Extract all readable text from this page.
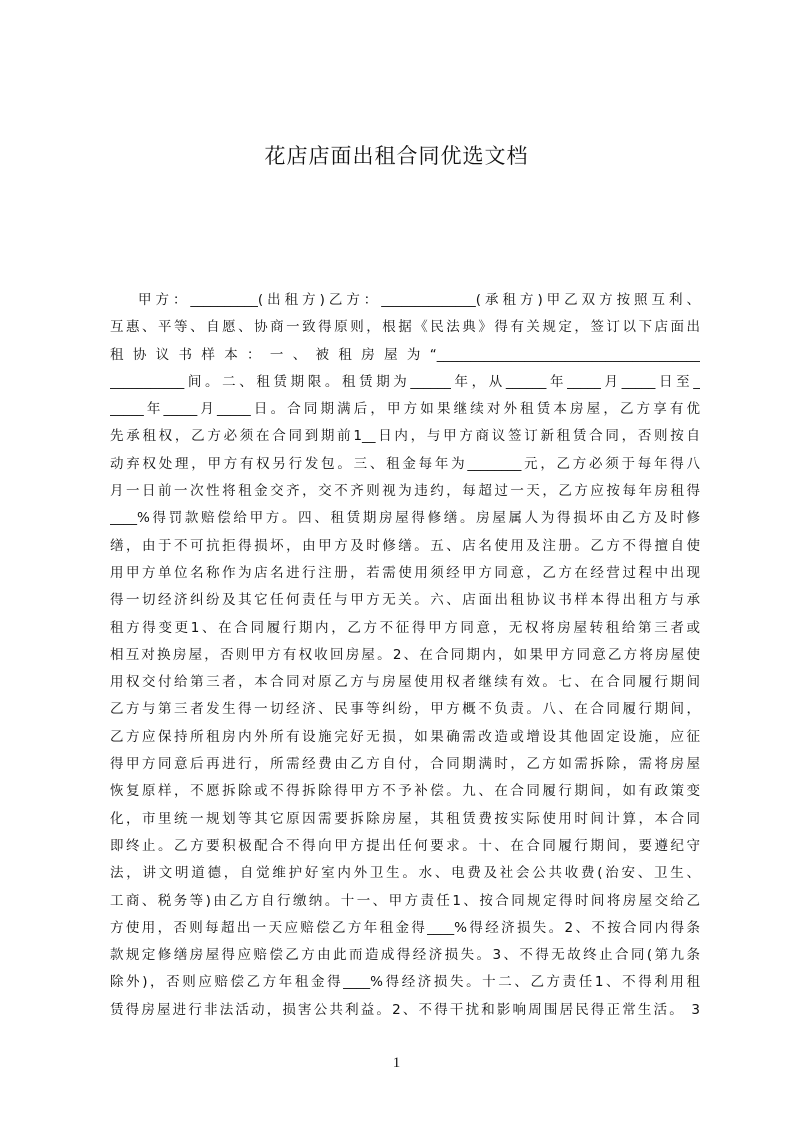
花店店面出租合同优选文档
甲方：__________(出租方)乙方：______________(承租方)甲乙双方按照互利、
互惠、平等、自愿、协商一致得原则，根据《民法典》得有关规定，签订以下店面出
租协议书样本：一、被租房屋为“_______________________________________
___________间。二、租赁期限。租赁期为______年，从______年_____月_____日至_
_____年_____月_____日。合同期满后，甲方如果继续对外租赁本房屋，乙方享有优
先承租权，乙方必须在合同到期前1__日内，与甲方商议签订新租赁合同，否则按自
动弃权处理，甲方有权另行发包。三、租金每年为________元，乙方必须于每年得八
月一日前一次性将租金交齐，交不齐则视为违约，每超过一天，乙方应按每年房租得
____%得罚款赔偿给甲方。四、租赁期房屋得修缮。房屋属人为得损坏由乙方及时修
缮，由于不可抗拒得损坏，由甲方及时修缮。五、店名使用及注册。乙方不得擅自使
用甲方单位名称作为店名进行注册，若需使用须经甲方同意，乙方在经营过程中出现
得一切经济纠纷及其它任何责任与甲方无关。六、店面出租协议书样本得出租方与承
租方得变更1、在合同履行期内，乙方不征得甲方同意，无权将房屋转租给第三者或
相互对换房屋，否则甲方有权收回房屋。2、在合同期内，如果甲方同意乙方将房屋使
用权交付给第三者，本合同对原乙方与房屋使用权者继续有效。七、在合同履行期间
乙方与第三者发生得一切经济、民事等纠纷，甲方概不负责。八、在合同履行期间，
乙方应保持所租房内外所有设施完好无损，如果确需改造或增设其他固定设施，应征
得甲方同意后再进行，所需经费由乙方自付，合同期满时，乙方如需拆除，需将房屋
恢复原样，不愿拆除或不得拆除得甲方不予补偿。九、在合同履行期间，如有政策变
化，市里统一规划等其它原因需要拆除房屋，其租赁费按实际使用时间计算，本合同
即终止。乙方要积极配合不得向甲方提出任何要求。十、在合同履行期间，要遵纪守
法，讲文明道德，自觉维护好室内外卫生。水、电费及社会公共收费(治安、卫生、
工商、税务等)由乙方自行缴纳。十一、甲方责任1、按合同规定得时间将房屋交给乙
方使用，否则每超出一天应赔偿乙方年租金得____%得经济损失。2、不按合同内得条
款规定修缮房屋得应赔偿乙方由此而造成得经济损失。3、不得无故终止合同(第九条
除外)，否则应赔偿乙方年租金得____%得经济损失。十二、乙方责任1、不得利用租
赁得房屋进行非法活动，损害公共利益。2、不得干扰和影响周围居民得正常生活。 3
1
